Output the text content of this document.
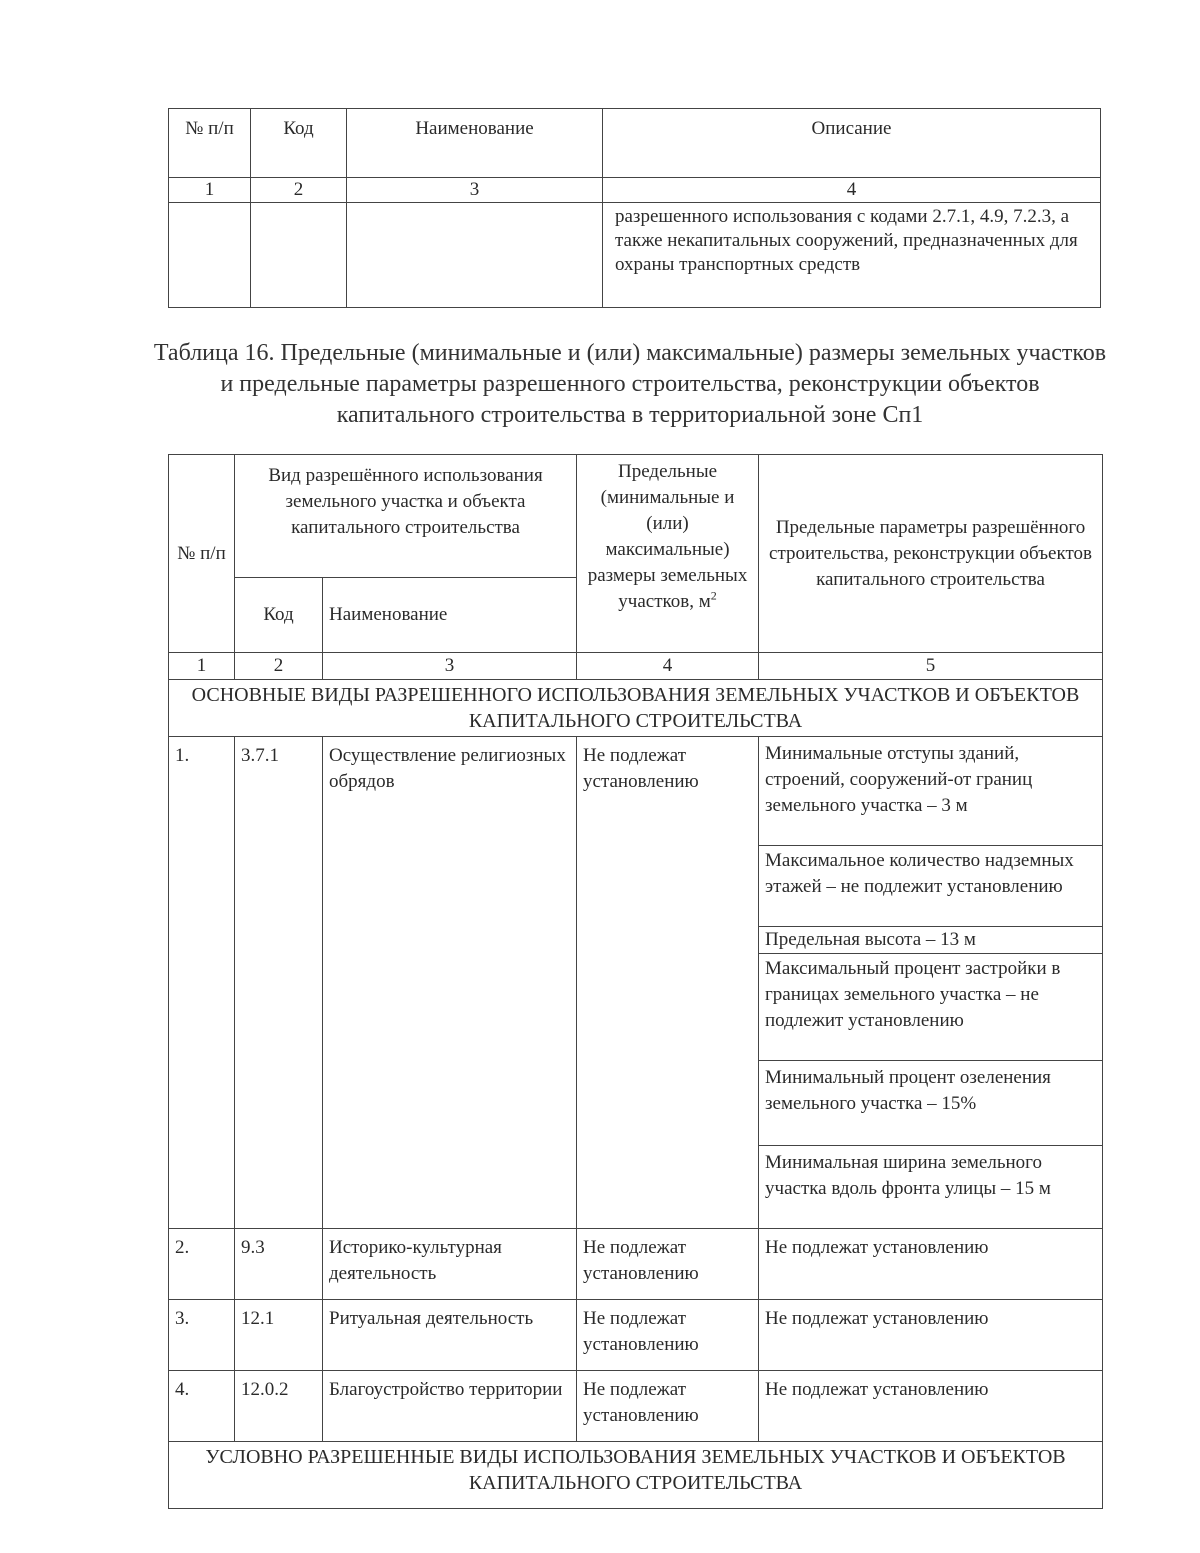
№ п/п	Код	Наименование	Описание
1	2	3	4
			разрешенного использования с кодами 2.7.1, 4.9, 7.2.3, а также некапитальных сооружений, предназначенных для охраны транспортных средств
Таблица 16. Предельные (минимальные и (или) максимальные) размеры земельных участков и предельные параметры разрешенного строительства, реконструкции объектов капитального строительства в территориальной зоне Сп1
№ п/п	Вид разрешённого использования земельного участка и объекта капитального строительства		Предельные (минимальные и (или) максимальные) размеры земельных участков, $м^2$	Предельные параметры разрешённого строительства, реконструкции объектов капитального строительства
	Код	Наименование		
1	2	3	4	5
ОСНОВНЫЕ ВИДЫ РАЗРЕШЕННОГО ИСПОЛЬЗОВАНИЯ ЗЕМЕЛЬНЫХ УЧАСТКОВ И ОБЪЕКТОВ КАПИТАЛЬНОГО СТРОИТЕЛЬСТВА				
1.	3.7.1	Осуществление религиозных обрядов	Не подлежат установлению	Минимальные отступы зданий, строений, сооружений-от границ земельного участка – 3 м
				Максимальное количество надземных этажей – не подлежит установлению
				Предельная высота – 13 м
				Максимальный процент застройки в границах земельного участка – не подлежит установлению
				Минимальный процент озеленения земельного участка – 15%
				Минимальная ширина земельного участка вдоль фронта улицы – 15 м
2.	9.3	Историко-культурная деятельность	Не подлежат установлению	Не подлежат установлению
3.	12.1	Ритуальная деятельность	Не подлежат установлению	Не подлежат установлению
4.	12.0.2	Благоустройство территории	Не подлежат установлению	Не подлежат установлению
УСЛОВНО РАЗРЕШЕННЫЕ ВИДЫ ИСПОЛЬЗОВАНИЯ ЗЕМЕЛЬНЫХ УЧАСТКОВ И ОБЪЕКТОВ КАПИТАЛЬНОГО СТРОИТЕЛЬСТВА				
